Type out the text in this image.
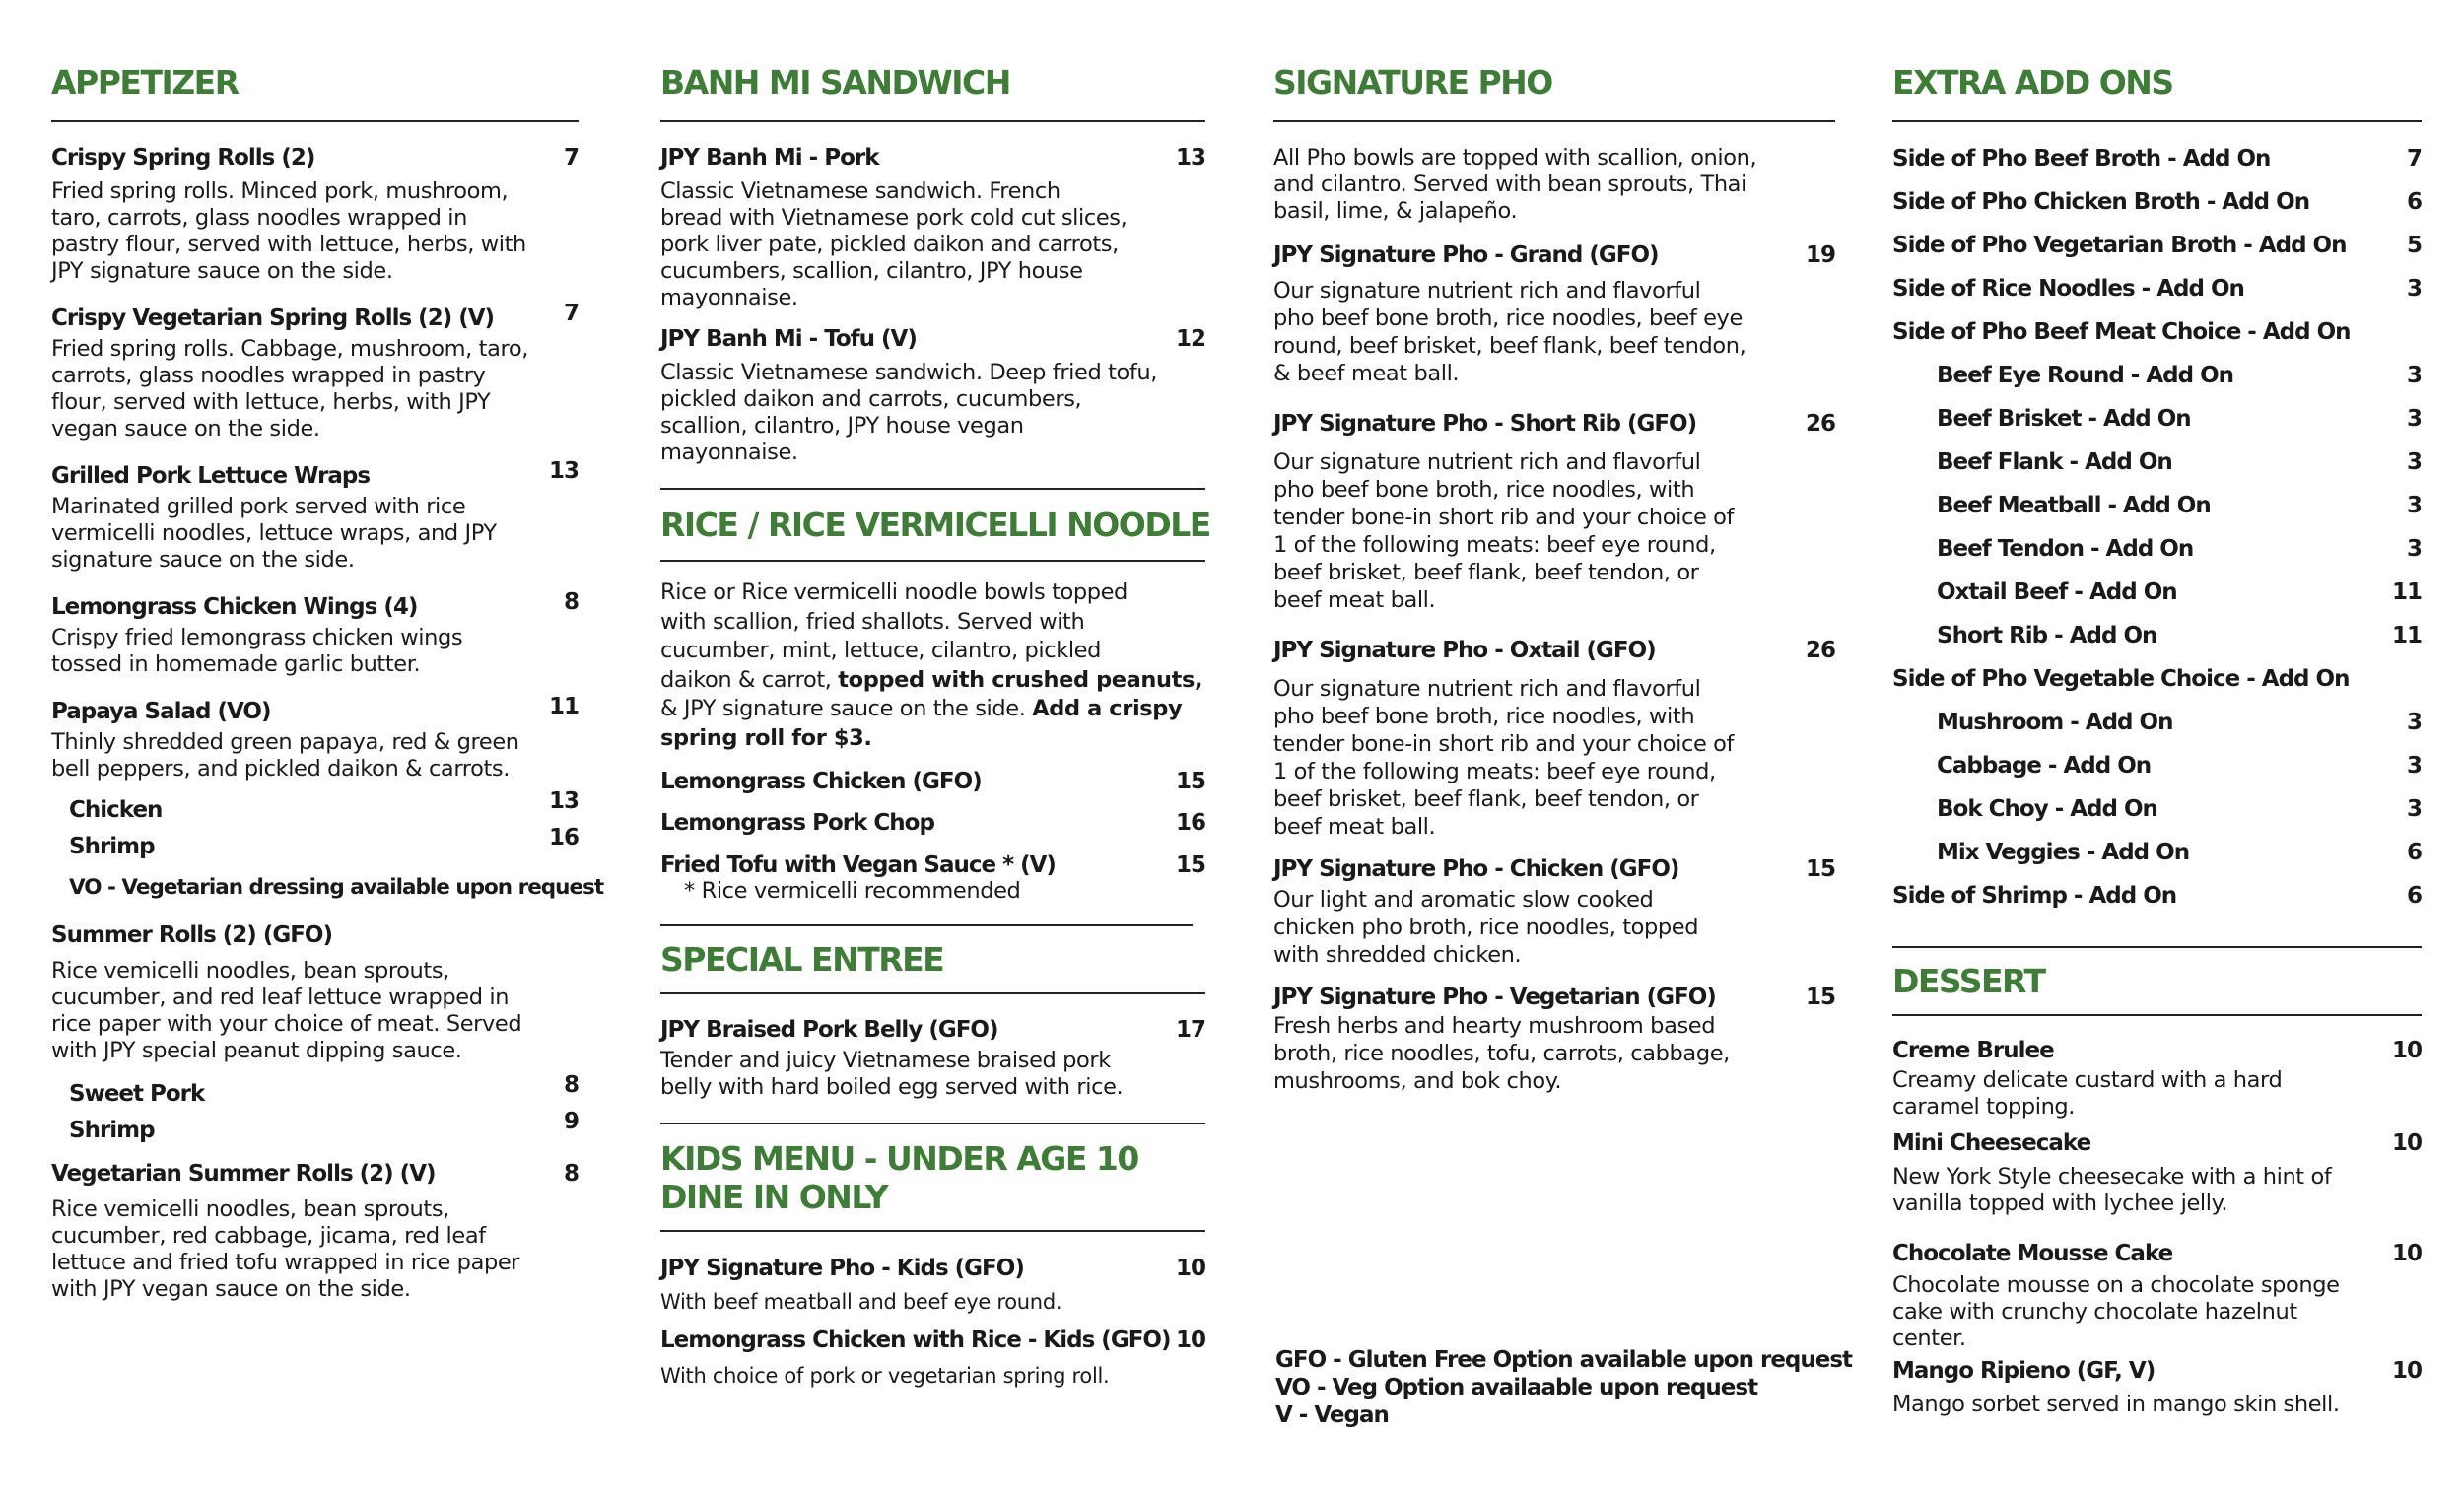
APPETIZER
Crispy Spring Rolls (2)	7
Fried spring rolls. Minced pork, mushroom,
taro, carrots, glass noodles wrapped in
pastry flour, served with lettuce, herbs, with
JPY signature sauce on the side.
Crispy Vegetarian Spring Rolls (2) (V)	7
Fried spring rolls. Cabbage, mushroom, taro,
carrots, glass noodles wrapped in pastry
flour, served with lettuce, herbs, with JPY
vegan sauce on the side.
Grilled Pork Lettuce Wraps	13
Marinated grilled pork served with rice
vermicelli noodles, lettuce wraps, and JPY
signature sauce on the side.
Lemongrass Chicken Wings (4)	8
Crispy fried lemongrass chicken wings
tossed in homemade garlic butter.
Papaya Salad (VO)	11
Thinly shredded green papaya, red & green
bell peppers, and pickled daikon & carrots.
Chicken	13
Shrimp	16
VO - Vegetarian dressing available upon request
Summer Rolls (2) (GFO)
Rice vemicelli noodles, bean sprouts,
cucumber, and red leaf lettuce wrapped in
rice paper with your choice of meat. Served
with JPY special peanut dipping sauce.
Sweet Pork	8
Shrimp	9
Vegetarian Summer Rolls (2) (V)	8
Rice vemicelli noodles, bean sprouts,
cucumber, red cabbage, jicama, red leaf
lettuce and fried tofu wrapped in rice paper
with JPY vegan sauce on the side.
BANH MI SANDWICH
JPY Banh Mi - Pork	13
Classic Vietnamese sandwich. French
bread with Vietnamese pork cold cut slices,
pork liver pate, pickled daikon and carrots,
cucumbers, scallion, cilantro, JPY house
mayonnaise.
JPY Banh Mi - Tofu (V)	12
Classic Vietnamese sandwich. Deep fried tofu,
pickled daikon and carrots, cucumbers,
scallion, cilantro, JPY house vegan
mayonnaise.
RICE / RICE VERMICELLI NOODLE
Rice or Rice vermicelli noodle bowls topped
with scallion, fried shallots. Served with
cucumber, mint, lettuce, cilantro, pickled
daikon & carrot, topped with crushed peanuts,
& JPY signature sauce on the side. Add a crispy
spring roll for $3.
Lemongrass Chicken (GFO)	15
Lemongrass Pork Chop	16
Fried Tofu with Vegan Sauce * (V)	15
* Rice vermicelli recommended
SPECIAL ENTREE
JPY Braised Pork Belly (GFO)	17
Tender and juicy Vietnamese braised pork
belly with hard boiled egg served with rice.
KIDS MENU - UNDER AGE 10
DINE IN ONLY
JPY Signature Pho - Kids (GFO)	10
With beef meatball and beef eye round.
Lemongrass Chicken with Rice - Kids (GFO) 10
With choice of pork or vegetarian spring roll.
SIGNATURE PHO
All Pho bowls are topped with scallion, onion,
and cilantro. Served with bean sprouts, Thai
basil, lime, & jalapeño.
JPY Signature Pho - Grand (GFO)	19
Our signature nutrient rich and flavorful
pho beef bone broth, rice noodles, beef eye
round, beef brisket, beef flank, beef tendon,
& beef meat ball.
JPY Signature Pho - Short Rib (GFO)	26
Our signature nutrient rich and flavorful
pho beef bone broth, rice noodles, with
tender bone-in short rib and your choice of
1 of the following meats: beef eye round,
beef brisket, beef flank, beef tendon, or
beef meat ball.
JPY Signature Pho - Oxtail (GFO)	26
Our signature nutrient rich and flavorful
pho beef bone broth, rice noodles, with
tender bone-in short rib and your choice of
1 of the following meats: beef eye round,
beef brisket, beef flank, beef tendon, or
beef meat ball.
JPY Signature Pho - Chicken (GFO)	15
Our light and aromatic slow cooked
chicken pho broth, rice noodles, topped
with shredded chicken.
JPY Signature Pho - Vegetarian (GFO)	15
Fresh herbs and hearty mushroom based
broth, rice noodles, tofu, carrots, cabbage,
mushrooms, and bok choy.
GFO - Gluten Free Option available upon request
VO - Veg Option availaable upon request
V - Vegan
EXTRA ADD ONS
Side of Pho Beef Broth - Add On	7
Side of Pho Chicken Broth - Add On	6
Side of Pho Vegetarian Broth - Add On	5
Side of Rice Noodles - Add On	3
Side of Pho Beef Meat Choice - Add On
Beef Eye Round - Add On	3
Beef Brisket - Add On	3
Beef Flank - Add On	3
Beef Meatball - Add On	3
Beef Tendon - Add On	3
Oxtail Beef - Add On	11
Short Rib - Add On	11
Side of Pho Vegetable Choice - Add On
Mushroom - Add On	3
Cabbage - Add On	3
Bok Choy - Add On	3
Mix Veggies - Add On	6
Side of Shrimp - Add On	6
DESSERT
Creme Brulee	10
Creamy delicate custard with a hard
caramel topping.
Mini Cheesecake	10
New York Style cheesecake with a hint of
vanilla topped with lychee jelly.
Chocolate Mousse Cake	10
Chocolate mousse on a chocolate sponge
cake with crunchy chocolate hazelnut
center.
Mango Ripieno (GF, V)	10
Mango sorbet served in mango skin shell.
